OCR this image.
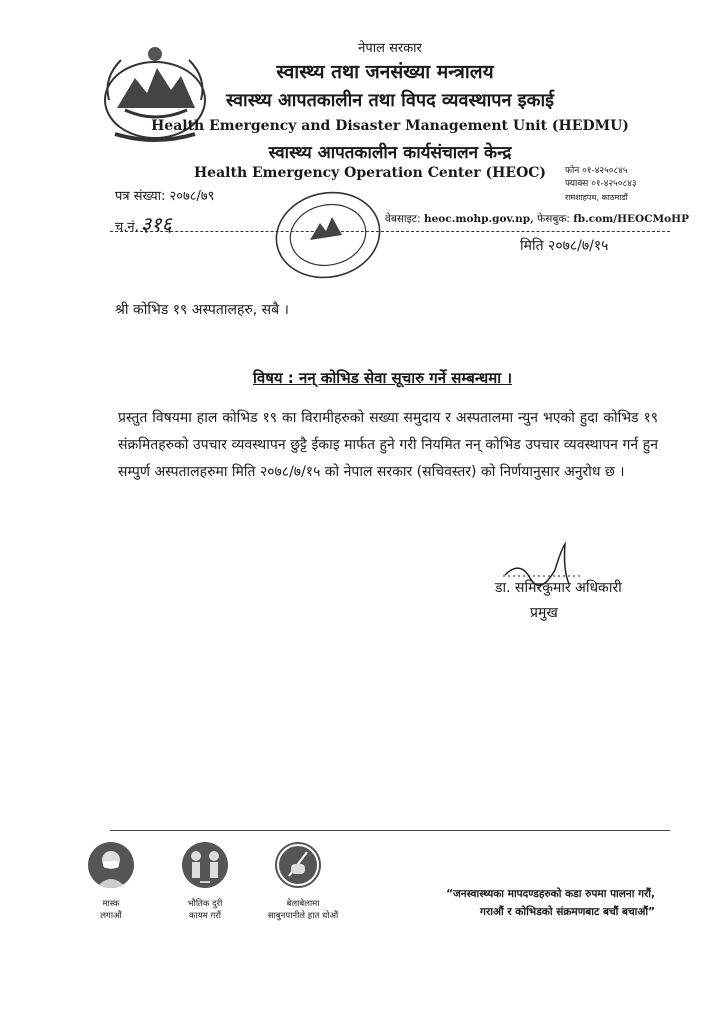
नेपाल सरकार
स्वास्थ्य तथा जनसंख्या मन्त्रालय
स्वास्थ्य आपतकालीन तथा विपद व्यवस्थापन इकाई
Health Emergency and Disaster Management Unit (HEDMU)
स्वास्थ्य आपतकालीन कार्यसंचालन केन्द्र
Health Emergency Operation Center (HEOC)	फोन ०१-४२५०८४५
फ्याक्स ०१-४२५०८४३
रामशाहपथ, काठमाडौं
पत्र संख्या: २०७८/७९
च.नं. ३१६	वेबसाइट: heoc.mohp.gov.np, फेसबुक: fb.com/HEOCMoHP
मिति २०७८/७/१५
श्री कोभिड १९ अस्पतालहरु, सबै ।
विषय : नन् कोभिड सेवा सूचारु गर्ने सम्बन्धमा ।
प्रस्तुत विषयमा हाल कोभिड १९ का विरामीहरुको सख्या समुदाय र अस्पतालमा न्युन भएको हुदा कोभिड १९ संक्रमितहरुको उपचार व्यवस्थापन छुट्टै ईकाइ मार्फत हुने गरी नियमित नन् कोभिड उपचार व्यवस्थापन गर्न हुन सम्पुर्ण अस्पतालहरुमा मिति २०७८/७/१५ को नेपाल सरकार (सचिवस्तर) को निर्णयानुसार अनुरोध छ ।
डा. समिरकुमार अधिकारी
प्रमुख
मास्क
लगाऔं
भौतिक दुरी
कायम गरौं
बेलाबेलामा
साबुनपानीले हात धोऔं
“जनस्वास्थ्यका मापदण्डहरुको कडा रुपमा पालना गरौं,
गराऔं र कोभिडको संक्रमणबाट बचौं बचाऔं”
